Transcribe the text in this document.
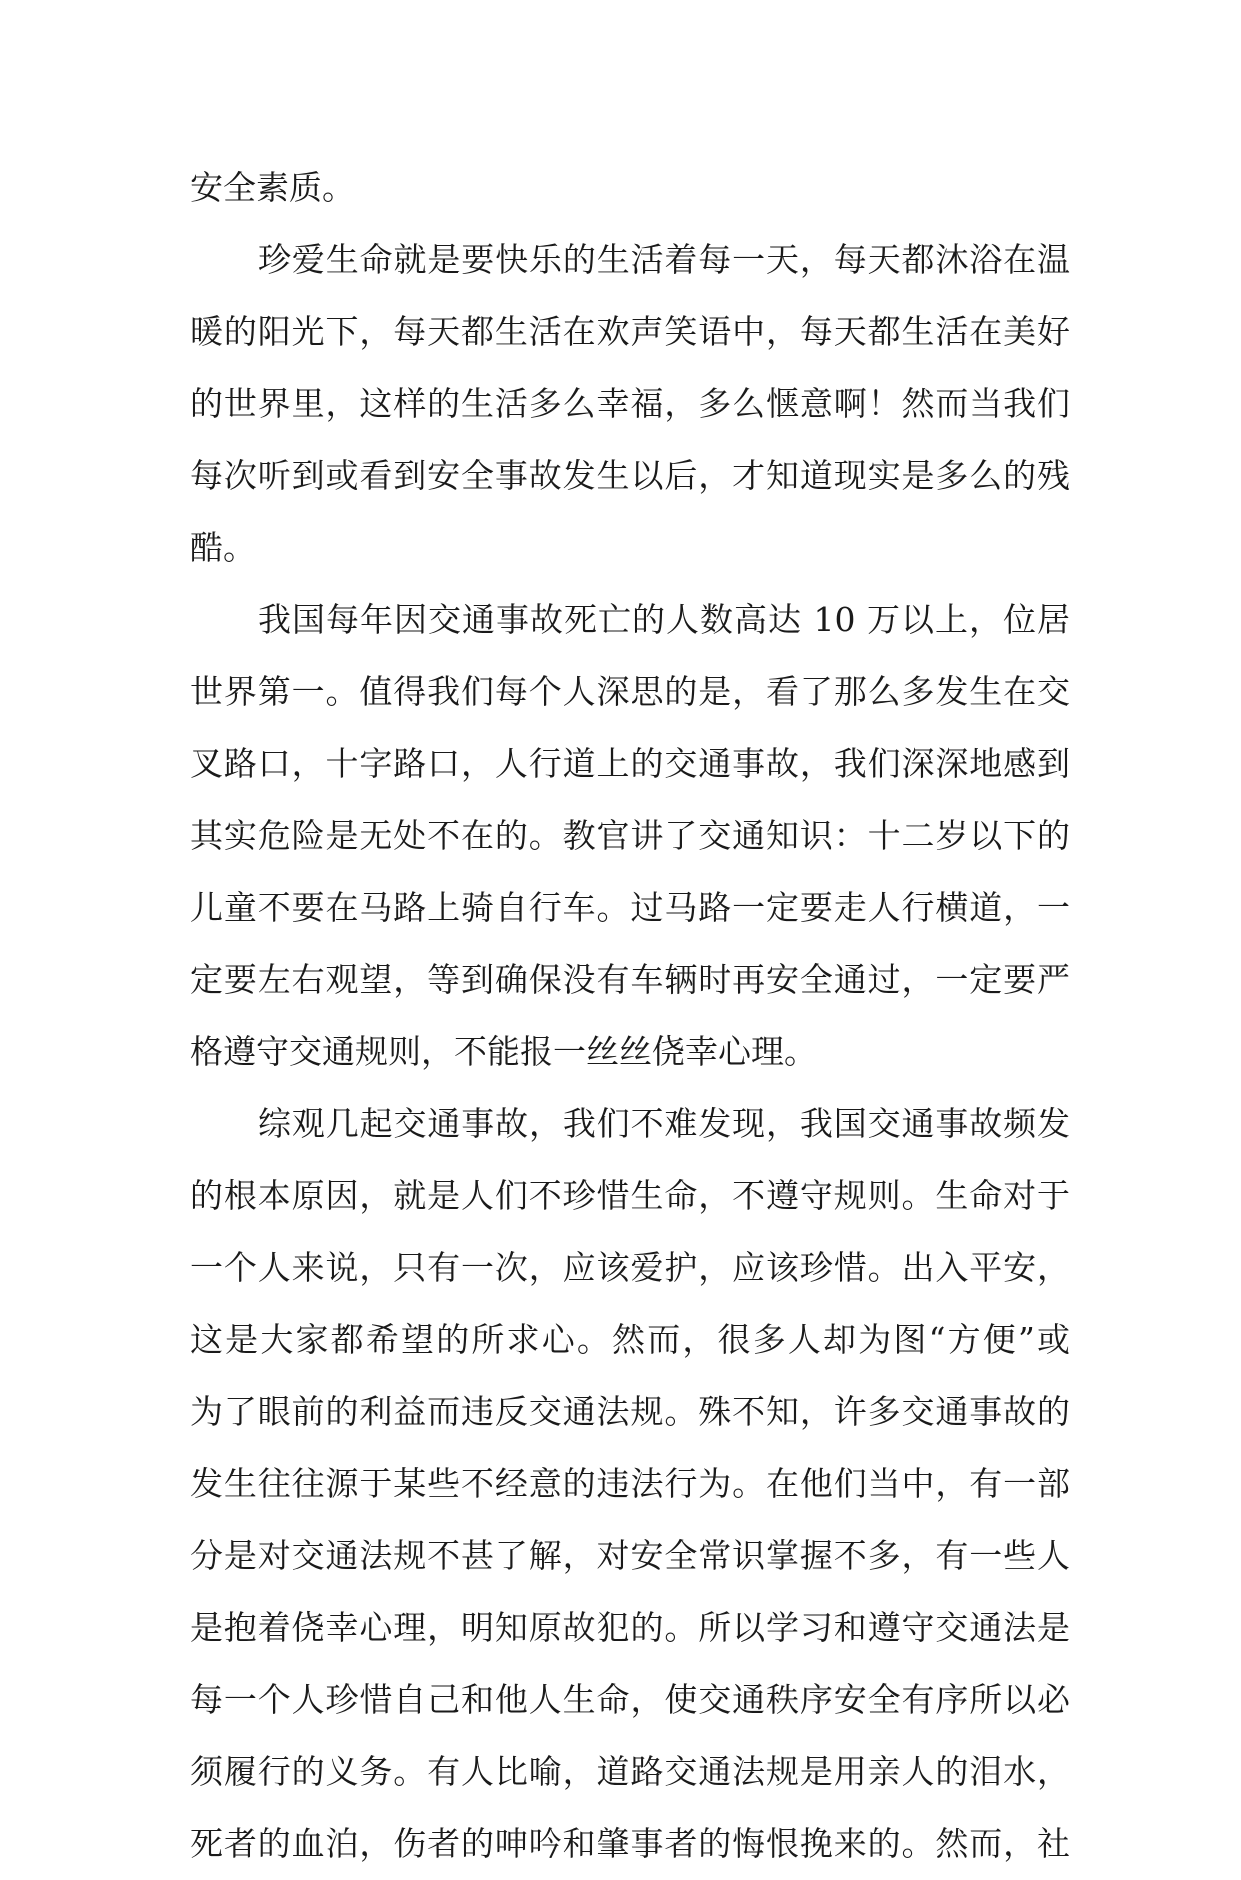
安全素质。
珍爱生命就是要快乐的生活着每一天，每天都沐浴在温
暖的阳光下，每天都生活在欢声笑语中，每天都生活在美好
的世界里，这样的生活多么幸福，多么惬意啊！然而当我们
每次听到或看到安全事故发生以后，才知道现实是多么的残
酷。
我国每年因交通事故死亡的人数高达 10 万以上，位居
世界第一。值得我们每个人深思的是，看了那么多发生在交
叉路口，十字路口，人行道上的交通事故，我们深深地感到
其实危险是无处不在的。教官讲了交通知识：十二岁以下的
儿童不要在马路上骑自行车。过马路一定要走人行横道，一
定要左右观望，等到确保没有车辆时再安全通过，一定要严
格遵守交通规则，不能报一丝丝侥幸心理。
综观几起交通事故，我们不难发现，我国交通事故频发
的根本原因，就是人们不珍惜生命，不遵守规则。生命对于
一个人来说，只有一次，应该爱护，应该珍惜。出入平安，
这是大家都希望的所求心。然而，很多人却为图“方便”或
为了眼前的利益而违反交通法规。殊不知，许多交通事故的
发生往往源于某些不经意的违法行为。在他们当中，有一部
分是对交通法规不甚了解，对安全常识掌握不多，有一些人
是抱着侥幸心理，明知原故犯的。所以学习和遵守交通法是
每一个人珍惜自己和他人生命，使交通秩序安全有序所以必
须履行的义务。有人比喻，道路交通法规是用亲人的泪水，
死者的血泊，伤者的呻吟和肇事者的悔恨挽来的。然而，社
